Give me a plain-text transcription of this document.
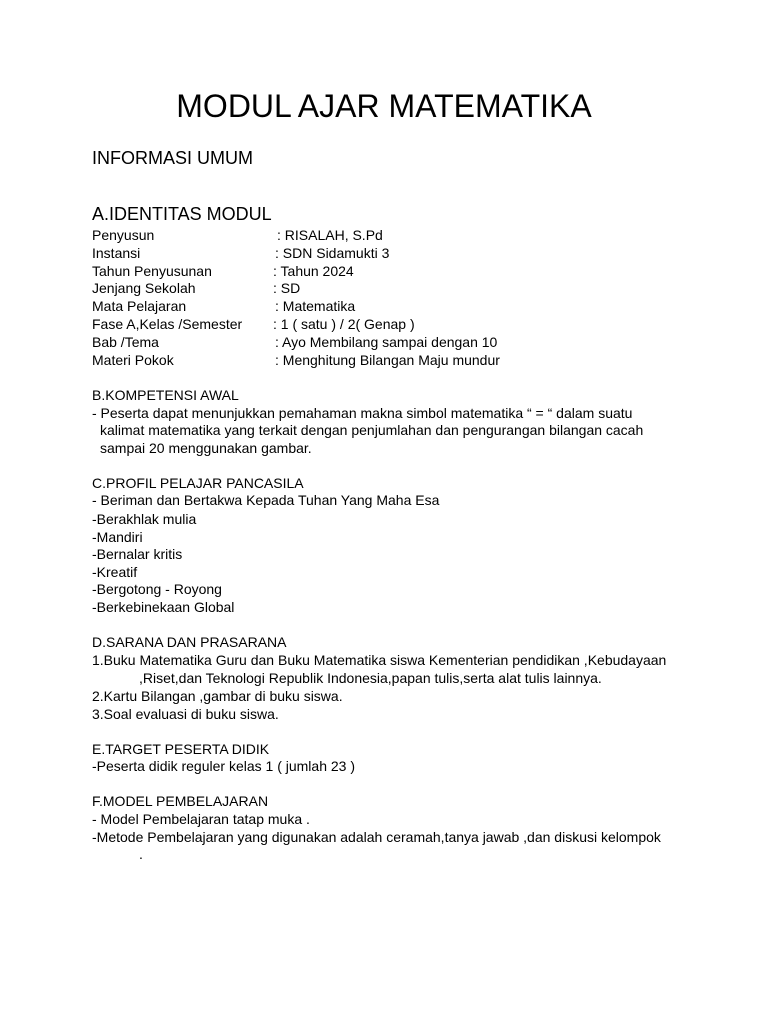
MODUL AJAR MATEMATIKA
INFORMASI UMUM
A.IDENTITAS MODUL
Penyusun	: RISALAH, S.Pd
Instansi	: SDN Sidamukti 3
Tahun Penyusunan	: Tahun 2024
Jenjang Sekolah	: SD
Mata Pelajaran	: Matematika
Fase A,Kelas /Semester : 1 ( satu ) / 2( Genap )
Bab /Tema	: Ayo Membilang sampai dengan 10
Materi Pokok	: Menghitung Bilangan Maju mundur
B.KOMPETENSI AWAL
- Peserta dapat menunjukkan pemahaman makna simbol matematika “ = “ dalam suatu
kalimat matematika yang terkait dengan penjumlahan dan pengurangan bilangan cacah
sampai 20 menggunakan gambar.
C.PROFIL PELAJAR PANCASILA
- Beriman dan Bertakwa Kepada Tuhan Yang Maha Esa
-Berakhlak mulia
-Mandiri
-Bernalar kritis
-Kreatif
-Bergotong - Royong
-Berkebinekaan Global
D.SARANA DAN PRASARANA
1.Buku Matematika Guru dan Buku Matematika siswa Kementerian pendidikan ,Kebudayaan
,Riset,dan Teknologi Republik Indonesia,papan tulis,serta alat tulis lainnya.
2.Kartu Bilangan ,gambar di buku siswa.
3.Soal evaluasi di buku siswa.
E.TARGET PESERTA DIDIK
-Peserta didik reguler kelas 1 ( jumlah 23 )
F.MODEL PEMBELAJARAN
- Model Pembelajaran tatap muka .
-Metode Pembelajaran yang digunakan adalah ceramah,tanya jawab ,dan diskusi kelompok
.
